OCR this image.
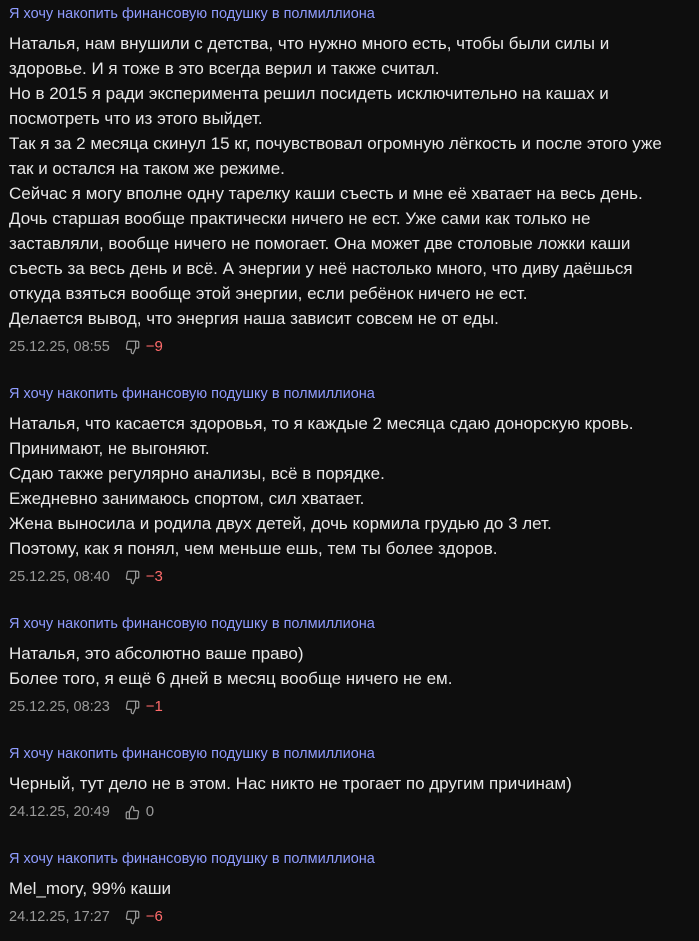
Я хочу накопить финансовую подушку в полмиллиона
Наталья, нам внушили с детства, что нужно много есть, чтобы были силы и
здоровье. И я тоже в это всегда верил и также считал.
Но в 2015 я ради эксперимента решил посидеть исключительно на кашах и
посмотреть что из этого выйдет.
Так я за 2 месяца скинул 15 кг, почувствовал огромную лёгкость и после этого уже
так и остался на таком же режиме.
Сейчас я могу вполне одну тарелку каши съесть и мне её хватает на весь день.
Дочь старшая вообще практически ничего не ест. Уже сами как только не
заставляли, вообще ничего не помогает. Она может две столовые ложки каши
съесть за весь день и всё. А энергии у неё настолько много, что диву даёшься
откуда взяться вообще этой энергии, если ребёнок ничего не ест.
Делается вывод, что энергия наша зависит совсем не от еды.
25.12.25, 08:55 −9
Я хочу накопить финансовую подушку в полмиллиона
Наталья, что касается здоровья, то я каждые 2 месяца сдаю донорскую кровь.
Принимают, не выгоняют.
Сдаю также регулярно анализы, всё в порядке.
Ежедневно занимаюсь спортом, сил хватает.
Жена выносила и родила двух детей, дочь кормила грудью до 3 лет.
Поэтому, как я понял, чем меньше ешь, тем ты более здоров.
25.12.25, 08:40 −3
Я хочу накопить финансовую подушку в полмиллиона
Наталья, это абсолютно ваше право)
Более того, я ещё 6 дней в месяц вообще ничего не ем.
25.12.25, 08:23 −1
Я хочу накопить финансовую подушку в полмиллиона
Черный, тут дело не в этом. Нас никто не трогает по другим причинам)
24.12.25, 20:49 0
Я хочу накопить финансовую подушку в полмиллиона
Mel_mory, 99% каши
24.12.25, 17:27 −6
